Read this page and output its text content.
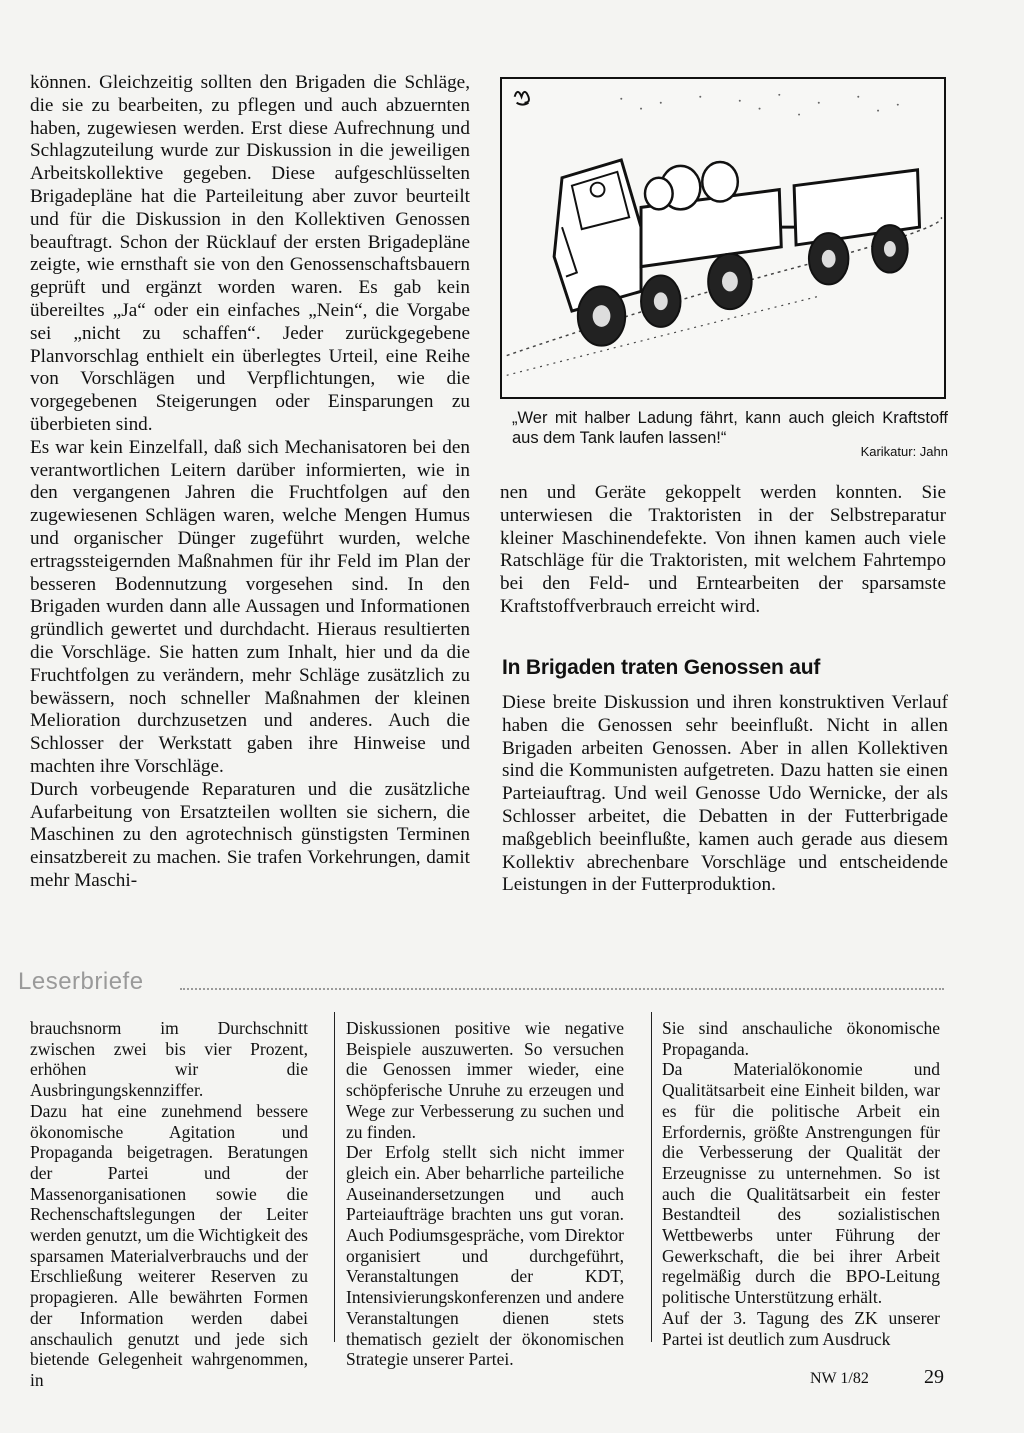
können. Gleichzeitig sollten den Brigaden die Schläge, die sie zu bearbeiten, zu pflegen und auch abzuernten haben, zugewiesen werden. Erst diese Aufrechnung und Schlagzuteilung wurde zur Diskussion in die jeweiligen Arbeitskollektive gegeben. Diese aufgeschlüsselten Brigadepläne hat die Parteileitung aber zuvor beurteilt und für die Diskussion in den Kollektiven Genossen beauftragt. Schon der Rücklauf der ersten Brigadepläne zeigte, wie ernsthaft sie von den Genossenschaftsbauern geprüft und ergänzt worden waren. Es gab kein übereiltes „Ja“ oder ein einfaches „Nein“, die Vorgabe sei „nicht zu schaffen“. Jeder zurückgegebene Planvorschlag enthielt ein überlegtes Urteil, eine Reihe von Vorschlägen und Verpflichtungen, wie die vorgegebenen Steigerungen oder Einsparungen zu überbieten sind.

Es war kein Einzelfall, daß sich Mechanisatoren bei den verantwortlichen Leitern darüber informierten, wie in den vergangenen Jahren die Fruchtfolgen auf den zugewiesenen Schlägen waren, welche Mengen Humus und organischer Dünger zugeführt wurden, welche ertragssteigernden Maßnahmen für ihr Feld im Plan der besseren Bodennutzung vorgesehen sind. In den Brigaden wurden dann alle Aussagen und Informationen gründlich gewertet und durchdacht. Hieraus resultierten die Vorschläge. Sie hatten zum Inhalt, hier und da die Fruchtfolgen zu verändern, mehr Schläge zusätzlich zu bewässern, noch schneller Maßnahmen der kleinen Melioration durchzusetzen und anderes. Auch die Schlosser der Werkstatt gaben ihre Hinweise und machten ihre Vorschläge.

Durch vorbeugende Reparaturen und die zusätzliche Aufarbeitung von Ersatzteilen wollten sie sichern, die Maschinen zu den agrotechnisch günstigsten Terminen einsatzbereit zu machen. Sie trafen Vorkehrungen, damit mehr Maschi-

„Wer mit halber Ladung fährt, kann auch gleich Kraftstoff aus dem Tank laufen lassen!“

Karikatur: Jahn

nen und Geräte gekoppelt werden konnten. Sie unterwiesen die Traktoristen in der Selbstreparatur kleiner Maschinendefekte. Von ihnen kamen auch viele Ratschläge für die Traktoristen, mit welchem Fahrtempo bei den Feld- und Erntearbeiten der sparsamste Kraftstoffverbrauch erreicht wird.

In Brigaden traten Genossen auf

Diese breite Diskussion und ihren konstruktiven Verlauf haben die Genossen sehr beeinflußt. Nicht in allen Brigaden arbeiten Genossen. Aber in allen Kollektiven sind die Kommunisten aufgetreten. Dazu hatten sie einen Parteiauftrag. Und weil Genosse Udo Wernicke, der als Schlosser arbeitet, die Debatten in der Futterbrigade maßgeblich beeinflußte, kamen auch gerade aus diesem Kollektiv abrechenbare Vorschläge und entscheidende Leistungen in der Futterproduktion.

Leserbriefe

brauchsnorm im Durchschnitt zwischen zwei bis vier Prozent, erhöhen wir die Ausbringungskennziffer.

Dazu hat eine zunehmend bessere ökonomische Agitation und Propaganda beigetragen. Beratungen der Partei und der Massenorganisationen sowie die Rechenschaftslegungen der Leiter werden genutzt, um die Wichtigkeit des sparsamen Materialverbrauchs und der Erschließung weiterer Reserven zu propagieren. Alle bewährten Formen der Information werden dabei anschaulich genutzt und jede sich bietende Gelegenheit wahrgenommen, in

Diskussionen positive wie negative Beispiele auszuwerten. So versuchen die Genossen immer wieder, eine schöpferische Unruhe zu erzeugen und Wege zur Verbesserung zu suchen und zu finden.

Der Erfolg stellt sich nicht immer gleich ein. Aber beharrliche parteiliche Auseinandersetzungen und auch Parteiaufträge brachten uns gut voran. Auch Podiumsgespräche, vom Direktor organisiert und durchgeführt, Veranstaltungen der KDT, Intensivierungskonferenzen und andere Veranstaltungen dienen stets thematisch gezielt der ökonomischen Strategie unserer Partei.

Sie sind anschauliche ökonomische Propaganda.

Da Materialökonomie und Qualitätsarbeit eine Einheit bilden, war es für die politische Arbeit ein Erfordernis, größte Anstrengungen für die Verbesserung der Qualität der Erzeugnisse zu unternehmen. So ist auch die Qualitätsarbeit ein fester Bestandteil des sozialistischen Wettbewerbs unter Führung der Gewerkschaft, die bei ihrer Arbeit regelmäßig durch die BPO-Leitung politische Unterstützung erhält.

Auf der 3. Tagung des ZK unserer Partei ist deutlich zum Ausdruck

NW 1/82	29
